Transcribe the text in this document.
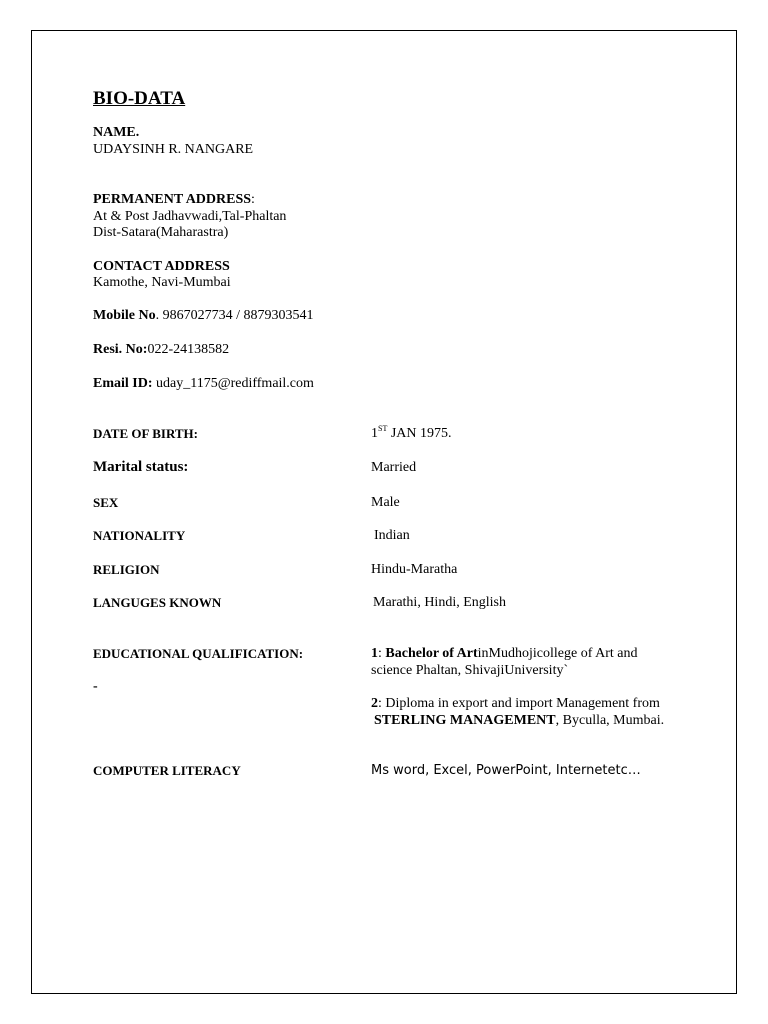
BIO-DATA
NAME.
UDAYSINH R. NANGARE
PERMANENT ADDRESS:
At & Post Jadhavwadi,Tal-Phaltan
Dist-Satara(Maharastra)
CONTACT ADDRESS
Kamothe, Navi-Mumbai
Mobile No. 9867027734 / 8879303541
Resi. No:022-24138582
Email ID: uday_1175@rediffmail.com
DATE OF BIRTH:	1ST JAN 1975.
Marital status:	Married
SEX	Male
NATIONALITY	Indian
RELIGION	Hindu-Maratha
LANGUGES KNOWN	Marathi, Hindi, English
EDUCATIONAL QUALIFICATION:
-
1: Bachelor of ArtinMudhojicollege of Art and
science Phaltan, ShivajiUniversity`
2: Diploma in export and import Management from
STERLING MANAGEMENT, Byculla, Mumbai.
COMPUTER LITERACY	Ms word, Excel, PowerPoint, Internetetc…
